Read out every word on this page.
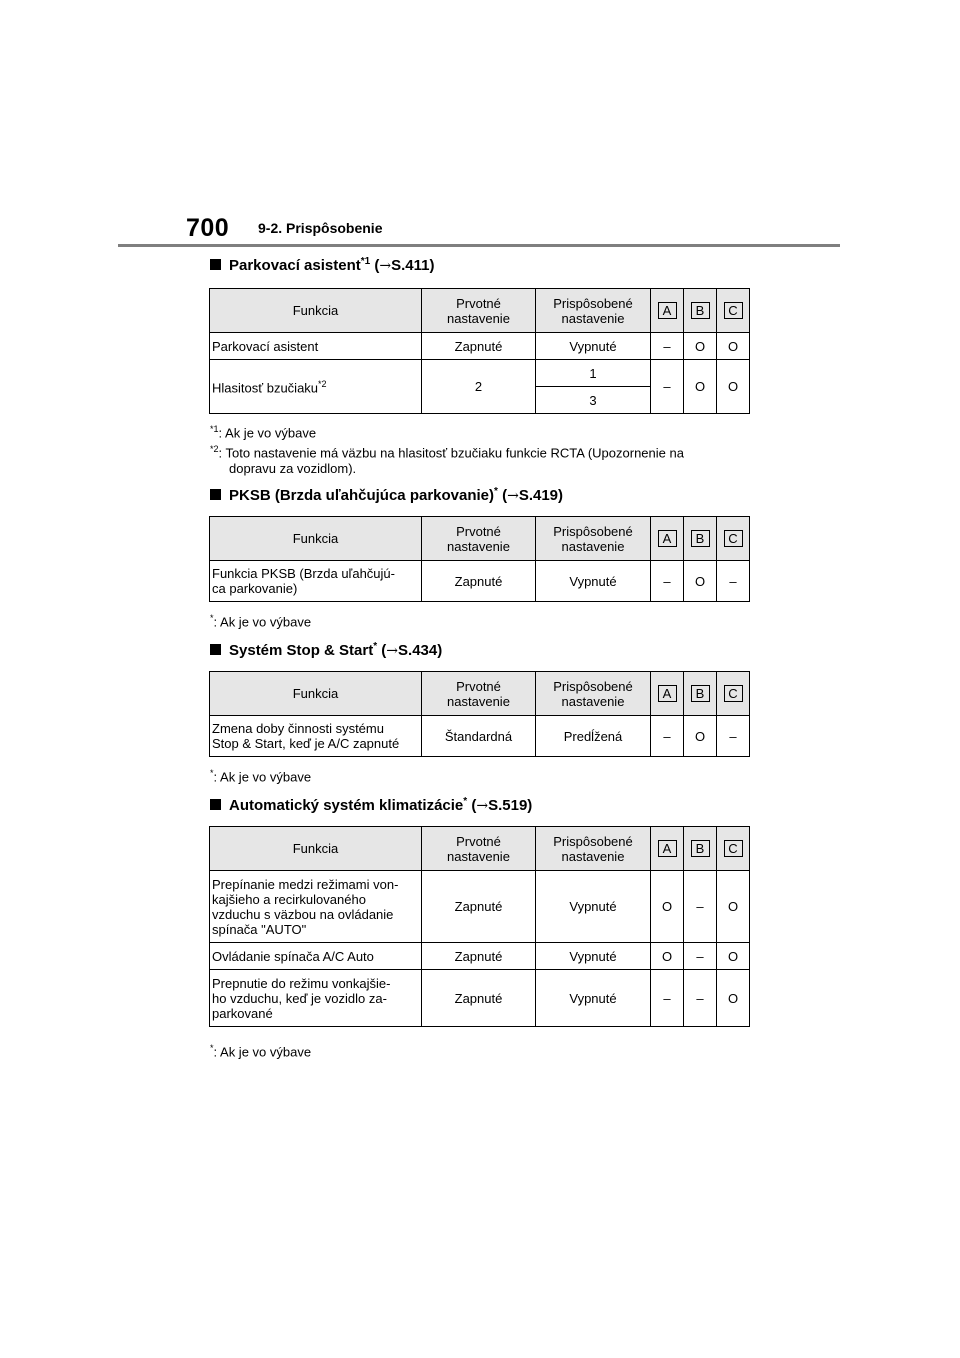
700 9-2. Prispôsobenie
Parkovací asistent$^{*1}$ (→S.411)
Funkcia	Prvotné nastavenie	Prispôsobené nastavenie	A	B	C
Parkovací asistent	Zapnuté	Vypnuté	–	O	O
Hlasitosť bzučiaku$^{*2}$	2	1	–	O	O
		3			
$^{*1}$: Ak je vo výbave
$^{*2}$: Toto nastavenie má väzbu na hlasitosť bzučiaku funkcie RCTA (Upozornenie na
dopravu za vozidlom).
PKSB (Brzda uľahčujúca parkovanie)* (→S.419)
Funkcia	Prvotné nastavenie	Prispôsobené nastavenie	A	B	C
Funkcia PKSB (Brzda uľahčujú-
ca parkovanie)	Zapnuté	Vypnuté	–	O	–
*: Ak je vo výbave
Systém Stop & Start* (→S.434)
Funkcia	Prvotné nastavenie	Prispôsobené nastavenie	A	B	C
Zmena doby činnosti systému
Stop & Start, keď je A/C zapnuté	Štandardná	Predĺžená	–	O	–
*: Ak je vo výbave
Automatický systém klimatizácie* (→S.519)
Funkcia	Prvotné nastavenie	Prispôsobené nastavenie	A	B	C
Prepínanie medzi režimami von-
kajšieho a recirkulovaného
vzduchu s väzbou na ovládanie
spínača "AUTO"	Zapnuté	Vypnuté	O	–	O
Ovládanie spínača A/C Auto	Zapnuté	Vypnuté	O	–	O
Prepnutie do režimu vonkajšie-
ho vzduchu, keď je vozidlo za-
parkované	Zapnuté	Vypnuté	–	–	O
*: Ak je vo výbave
